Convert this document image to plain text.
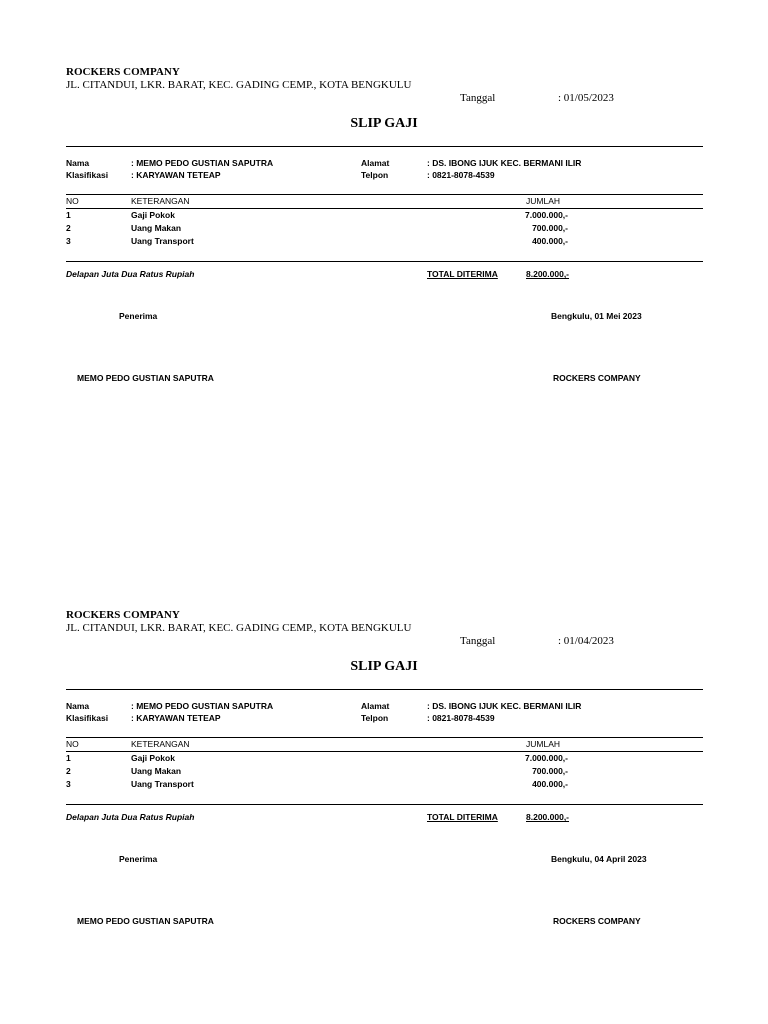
ROCKERS COMPANY
JL. CITANDUI, LKR. BARAT, KEC. GADING CEMP., KOTA BENGKULU
Tanggal	: 01/05/2023
SLIP GAJI
Nama	: MEMO PEDO GUSTIAN SAPUTRA	Alamat	: DS. IBONG IJUK KEC. BERMANI ILIR
Klasifikasi	: KARYAWAN TETEAP	Telpon	: 0821-8078-4539
NO	KETERANGAN	JUMLAH
1	Gaji Pokok	7.000.000,-
2	Uang Makan	700.000,-
3	Uang Transport	400.000,-
Delapan Juta Dua Ratus Rupiah	TOTAL DITERIMA	8.200.000,-
Penerima	Bengkulu, 01 Mei 2023
MEMO PEDO GUSTIAN SAPUTRA	ROCKERS COMPANY
ROCKERS COMPANY
JL. CITANDUI, LKR. BARAT, KEC. GADING CEMP., KOTA BENGKULU
Tanggal	: 01/04/2023
SLIP GAJI
Nama	: MEMO PEDO GUSTIAN SAPUTRA	Alamat	: DS. IBONG IJUK KEC. BERMANI ILIR
Klasifikasi	: KARYAWAN TETEAP	Telpon	: 0821-8078-4539
NO	KETERANGAN	JUMLAH
1	Gaji Pokok	7.000.000,-
2	Uang Makan	700.000,-
3	Uang Transport	400.000,-
Delapan Juta Dua Ratus Rupiah	TOTAL DITERIMA	8.200.000,-
Penerima	Bengkulu, 04 April 2023
MEMO PEDO GUSTIAN SAPUTRA	ROCKERS COMPANY
